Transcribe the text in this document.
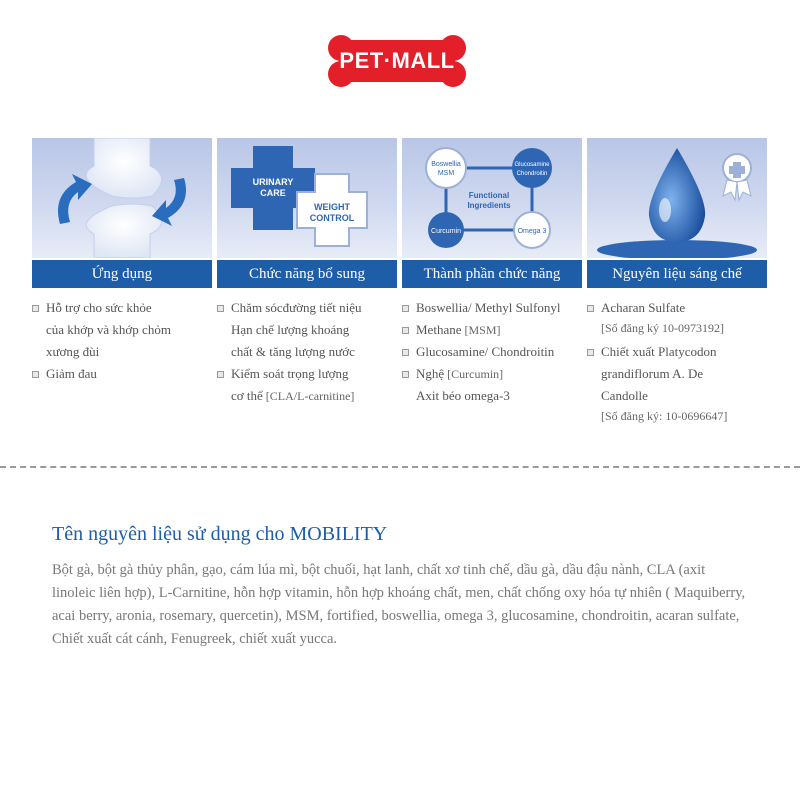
PET·MALL
Ứng dụng
URINARY
CARE
WEIGHT
CONTROL
Chức năng bổ sung
Boswellia
MSM
Glucosamine
Chondroitin
Functional
Ingredients
Curcumin	Omega 3
Thành phần chức năng	Nguyên liệu sáng chế
Hỗ trợ cho sức khỏe
của khớp và khớp chỏm
xương đùi
Giảm đau
Chăm sócđường tiết niệu
Hạn chế lượng khoáng
chất & tăng lượng nước
Kiểm soát trọng lượng
cơ thể [CLA/L-carnitine]
Boswellia/ Methyl Sulfonyl
Methane [MSM]
Glucosamine/ Chondroitin
Nghệ [Curcumin]
Axit béo omega-3
Acharan Sulfate
[Số đăng ký 10-0973192]
Chiết xuất Platycodon
grandiflorum A. De
Candolle
[Số đăng ký: 10-0696647]
Tên nguyên liệu sử dụng cho MOBILITY
Bột gà, bột gà thủy phân, gạo, cám lúa mì, bột chuối, hạt lanh, chất xơ tinh chế, dầu gà, dầu đậu nành, CLA (axit linoleic liên hợp), L-Carnitine, hỗn hợp vitamin, hỗn hợp khoáng chất, men, chất chống oxy hóa tự nhiên ( Maquiberry, acai berry, aronia, rosemary, quercetin), MSM, fortified, boswellia, omega 3, glucosamine, chondroitin, acaran sulfate, Chiết xuất cát cánh, Fenugreek, chiết xuất yucca.
